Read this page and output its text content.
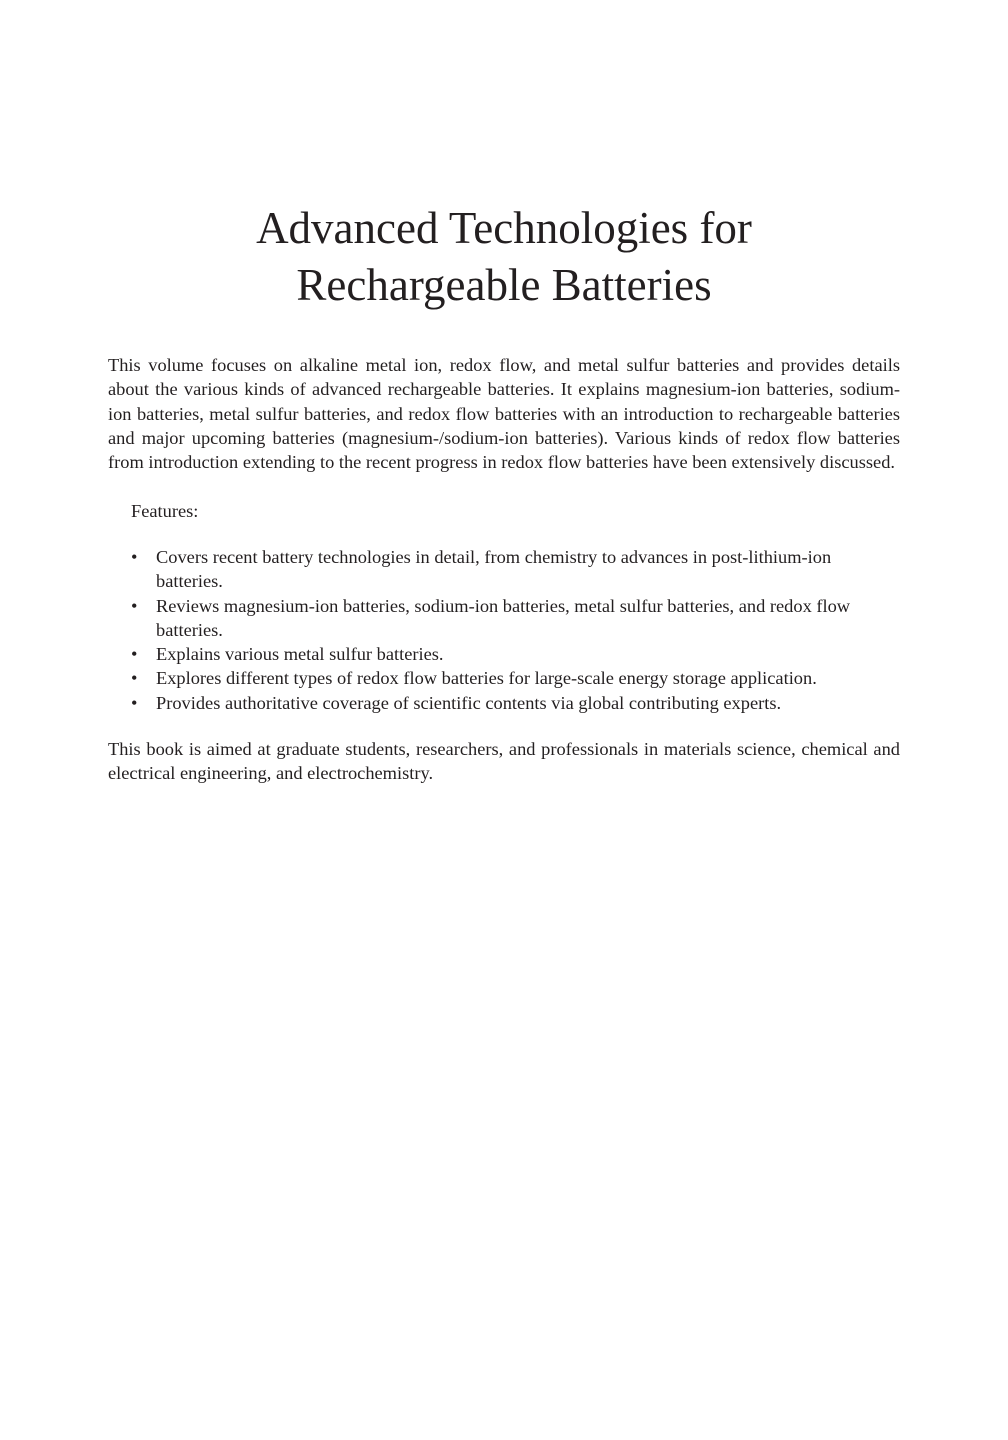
Advanced Technologies for
Rechargeable Batteries

This volume focuses on alkaline metal ion, redox flow, and metal sulfur batteries and provides details about the various kinds of advanced rechargeable batteries. It explains magnesium-ion batteries, sodium-ion batteries, metal sulfur batteries, and redox flow batteries with an introduction to rechargeable batteries and major upcoming batteries (magnesium-/sodium-ion batteries). Various kinds of redox flow batteries from introduction extending to the recent progress in redox flow batteries have been extensively discussed.

Features:

• Covers recent battery technologies in detail, from chemistry to advances in post-lithium-ion batteries.
• Reviews magnesium-ion batteries, sodium-ion batteries, metal sulfur batteries, and redox flow batteries.
• Explains various metal sulfur batteries.
• Explores different types of redox flow batteries for large-scale energy storage application.
• Provides authoritative coverage of scientific contents via global contributing experts.

This book is aimed at graduate students, researchers, and professionals in materials science, chemical and electrical engineering, and electrochemistry.
